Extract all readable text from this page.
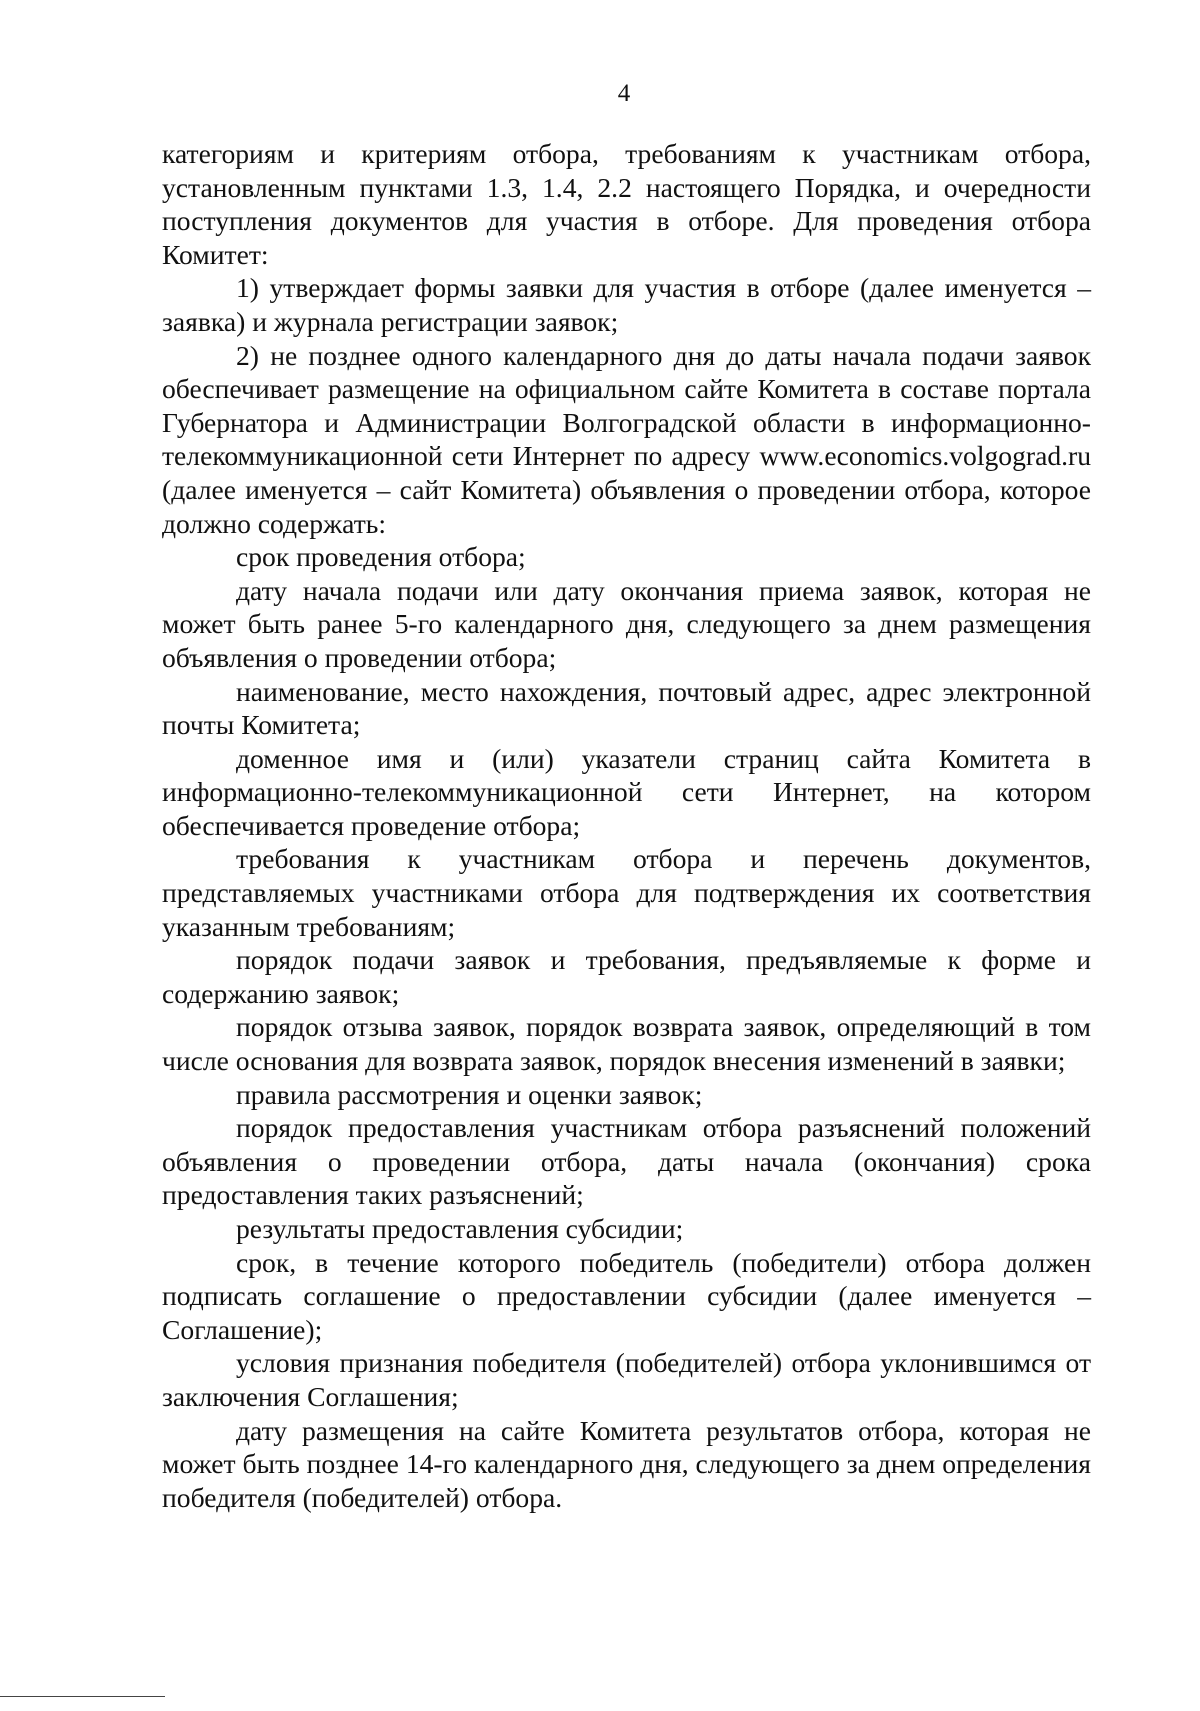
4

категориям и критериям отбора, требованиям к участникам отбора, установленным пунктами 1.3, 1.4, 2.2 настоящего Порядка, и очередности поступления документов для участия в отборе. Для проведения отбора Комитет:

1) утверждает формы заявки для участия в отборе (далее именуется – заявка) и журнала регистрации заявок;

2) не позднее одного календарного дня до даты начала подачи заявок обеспечивает размещение на официальном сайте Комитета в составе портала Губернатора и Администрации Волгоградской области в информационно-телекоммуникационной сети Интернет по адресу www.economics.volgograd.ru (далее именуется – сайт Комитета) объявления о проведении отбора, которое должно содержать:

срок проведения отбора;

дату начала подачи или дату окончания приема заявок, которая не может быть ранее 5-го календарного дня, следующего за днем размещения объявления о проведении отбора;

наименование, место нахождения, почтовый адрес, адрес электронной почты Комитета;

доменное имя и (или) указатели страниц сайта Комитета в информационно-телекоммуникационной сети Интернет, на котором обеспечивается проведение отбора;

требования к участникам отбора и перечень документов, представляемых участниками отбора для подтверждения их соответствия указанным требованиям;

порядок подачи заявок и требования, предъявляемые к форме и содержанию заявок;

порядок отзыва заявок, порядок возврата заявок, определяющий в том числе основания для возврата заявок, порядок внесения изменений в заявки;

правила рассмотрения и оценки заявок;

порядок предоставления участникам отбора разъяснений положений объявления о проведении отбора, даты начала (окончания) срока предоставления таких разъяснений;

результаты предоставления субсидии;

срок, в течение которого победитель (победители) отбора должен подписать соглашение о предоставлении субсидии (далее именуется – Соглашение);

условия признания победителя (победителей) отбора уклонившимся от заключения Соглашения;

дату размещения на сайте Комитета результатов отбора, которая не может быть позднее 14-го календарного дня, следующего за днем определения победителя (победителей) отбора.
